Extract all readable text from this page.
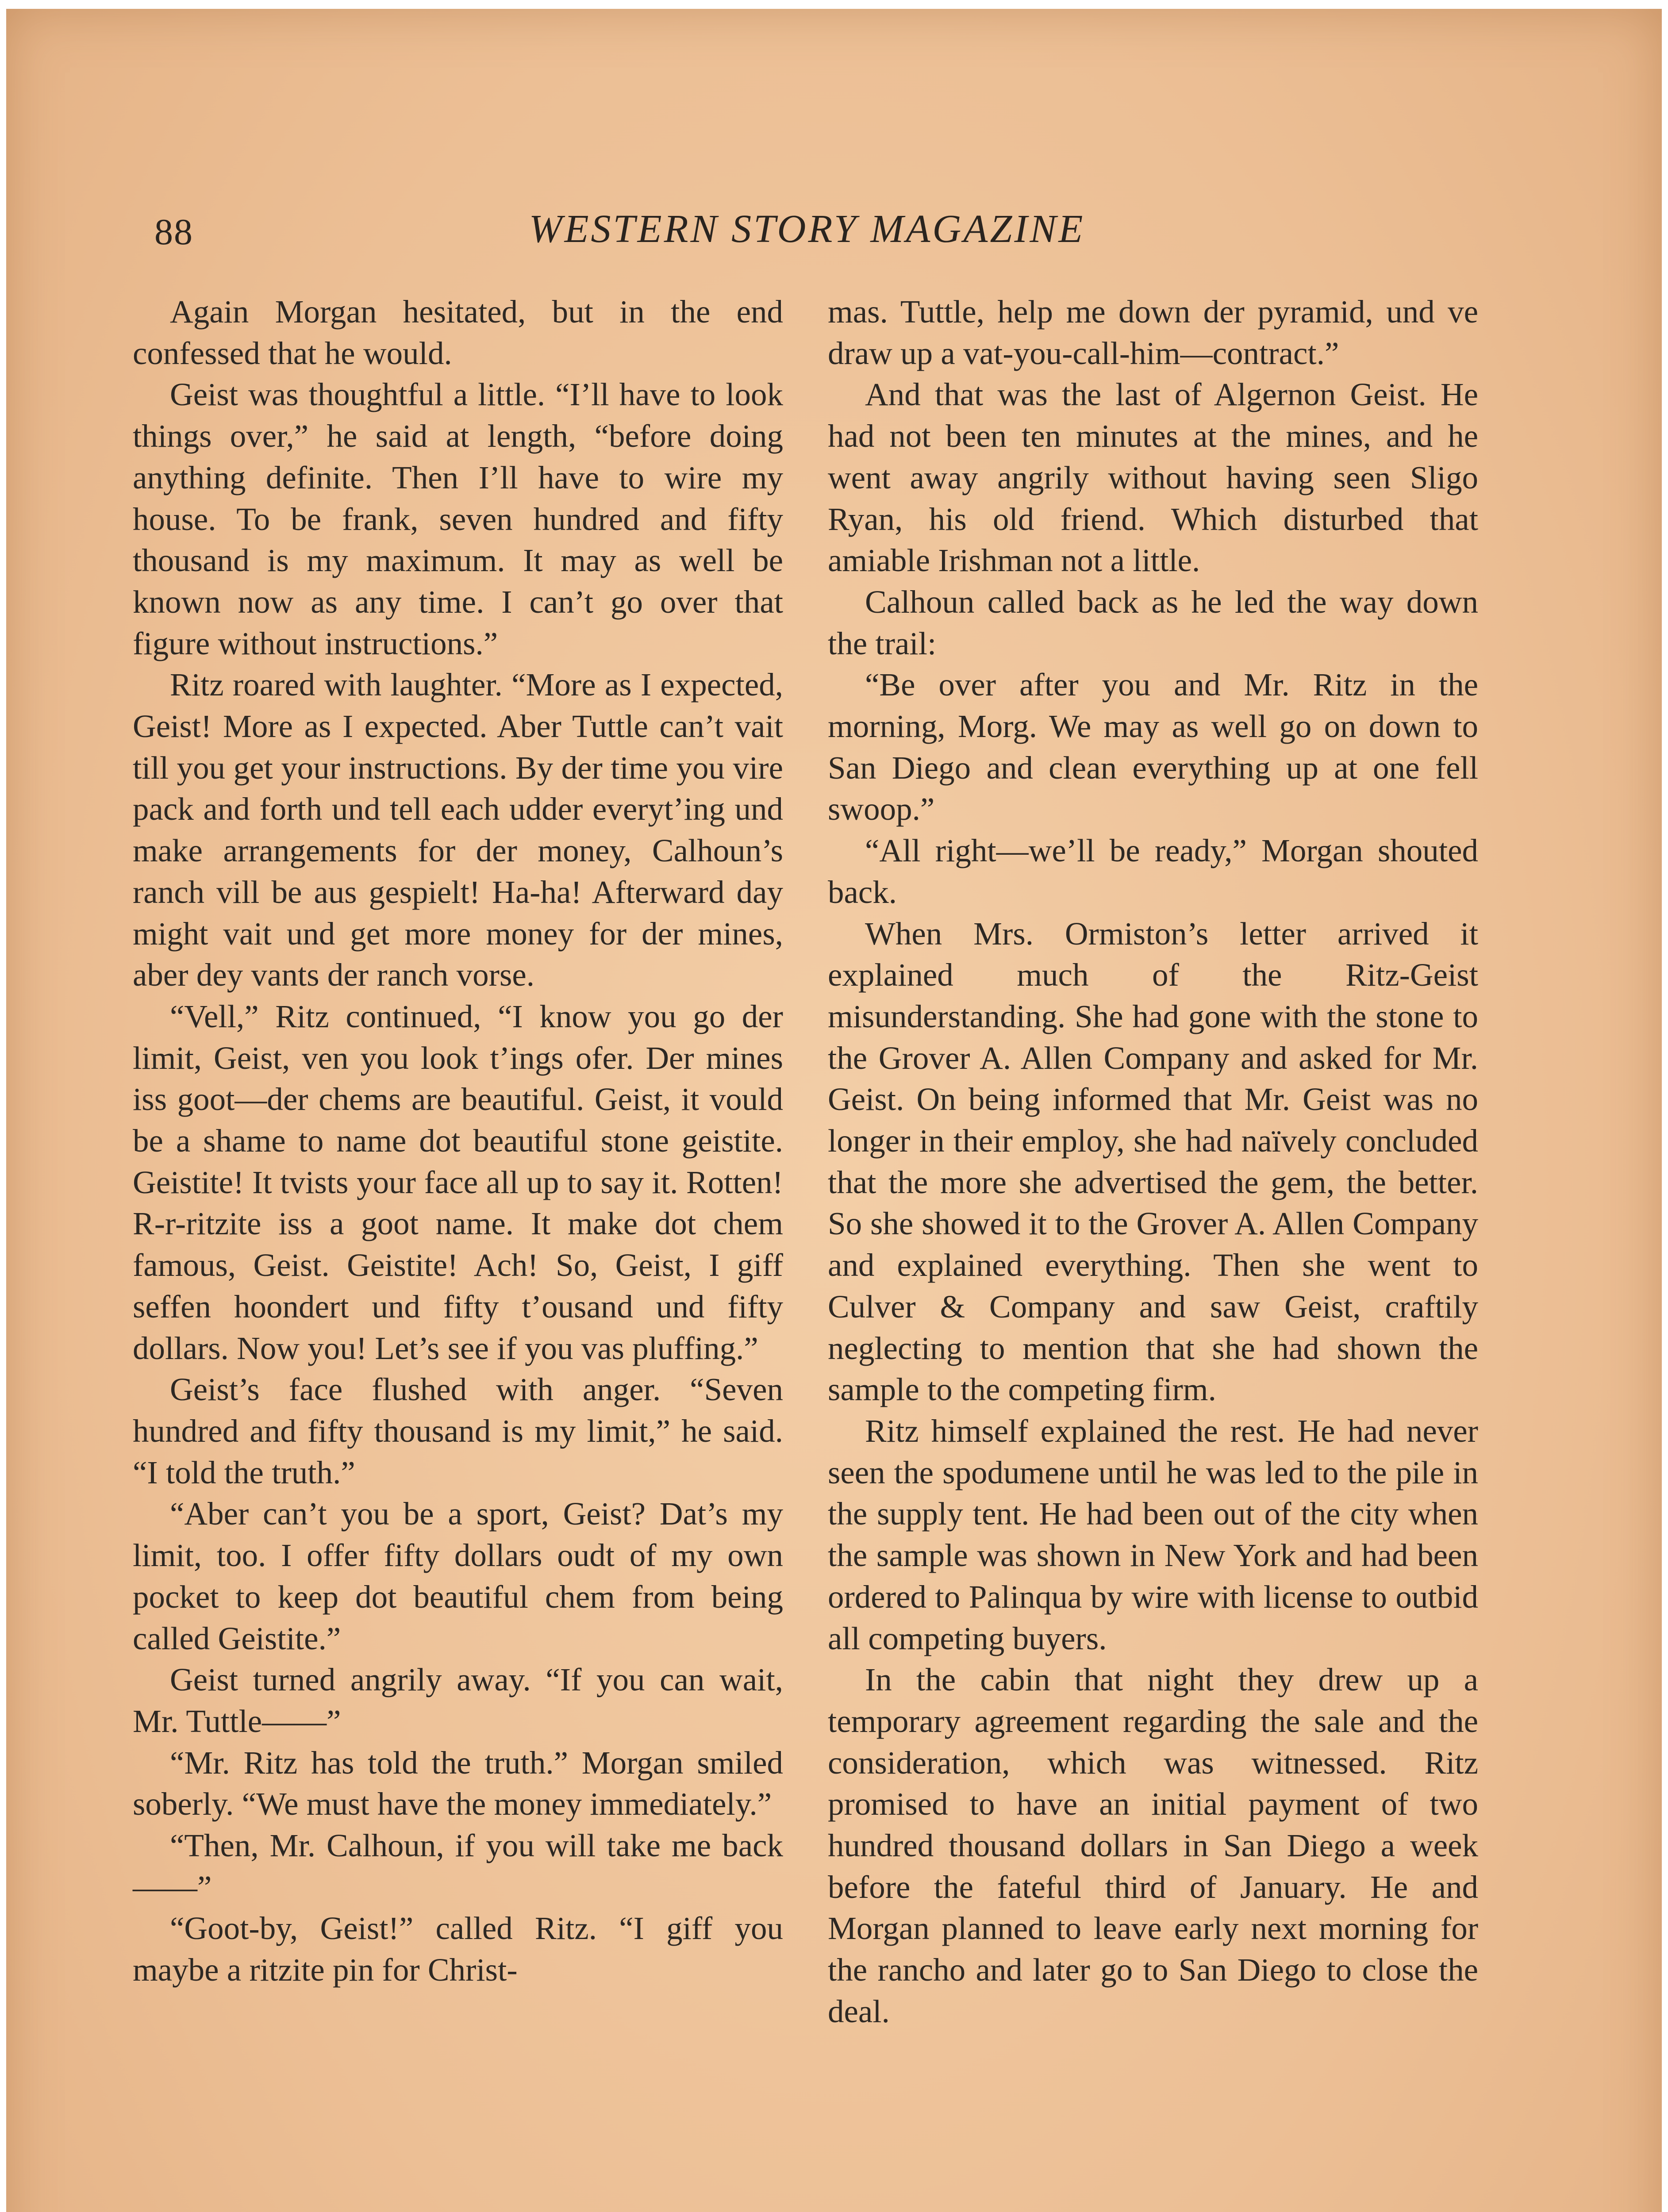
88	WESTERN STORY MAGAZINE

Again Morgan hesitated, but in the end confessed that he would.

Geist was thoughtful a little. “I’ll have to look things over,” he said at length, “before doing anything definite. Then I’ll have to wire my house. To be frank, seven hundred and fifty thousand is my maximum. It may as well be known now as any time. I can’t go over that figure without instructions.”

Ritz roared with laughter. “More as I expected, Geist! More as I expected. Aber Tuttle can’t vait till you get your instructions. By der time you vire pack and forth und tell each udder everyt’ing und make arrangements for der money, Calhoun’s ranch vill be aus gespielt! Ha-ha! Afterward day might vait und get more money for der mines, aber dey vants der ranch vorse.

“Vell,” Ritz continued, “I know you go der limit, Geist, ven you look t’ings ofer. Der mines iss goot—der chems are beautiful. Geist, it vould be a shame to name dot beautiful stone geistite. Geistite! It tvists your face all up to say it. Rotten! R-r-ritzite iss a goot name. It make dot chem famous, Geist. Geistite! Ach! So, Geist, I giff seffen hoondert und fifty t’ousand und fifty dollars. Now you! Let’s see if you vas pluffing.”

Geist’s face flushed with anger. “Seven hundred and fifty thousand is my limit,” he said. “I told the truth.”

“Aber can’t you be a sport, Geist? Dat’s my limit, too. I offer fifty dollars oudt of my own pocket to keep dot beautiful chem from being called Geistite.”

Geist turned angrily away. “If you can wait, Mr. Tuttle——”

“Mr. Ritz has told the truth.” Morgan smiled soberly. “We must have the money immediately.”

“Then, Mr. Calhoun, if you will take me back——”

“Goot-by, Geist!” called Ritz. “I giff you maybe a ritzite pin for Christ-

mas. Tuttle, help me down der pyramid, und ve draw up a vat-you-call-him—contract.”

And that was the last of Algernon Geist. He had not been ten minutes at the mines, and he went away angrily without having seen Sligo Ryan, his old friend. Which disturbed that amiable Irishman not a little.

Calhoun called back as he led the way down the trail:

“Be over after you and Mr. Ritz in the morning, Morg. We may as well go on down to San Diego and clean everything up at one fell swoop.”

“All right—we’ll be ready,” Morgan shouted back.

When Mrs. Ormiston’s letter arrived it explained much of the Ritz-Geist misunderstanding. She had gone with the stone to the Grover A. Allen Company and asked for Mr. Geist. On being informed that Mr. Geist was no longer in their employ, she had naïvely concluded that the more she advertised the gem, the better. So she showed it to the Grover A. Allen Company and explained everything. Then she went to Culver & Company and saw Geist, craftily neglecting to mention that she had shown the sample to the competing firm.

Ritz himself explained the rest. He had never seen the spodumene until he was led to the pile in the supply tent. He had been out of the city when the sample was shown in New York and had been ordered to Palinqua by wire with license to outbid all competing buyers.

In the cabin that night they drew up a temporary agreement regarding the sale and the consideration, which was witnessed. Ritz promised to have an initial payment of two hundred thousand dollars in San Diego a week before the fateful third of January. He and Morgan planned to leave early next morning for the rancho and later go to San Diego to close the deal.
